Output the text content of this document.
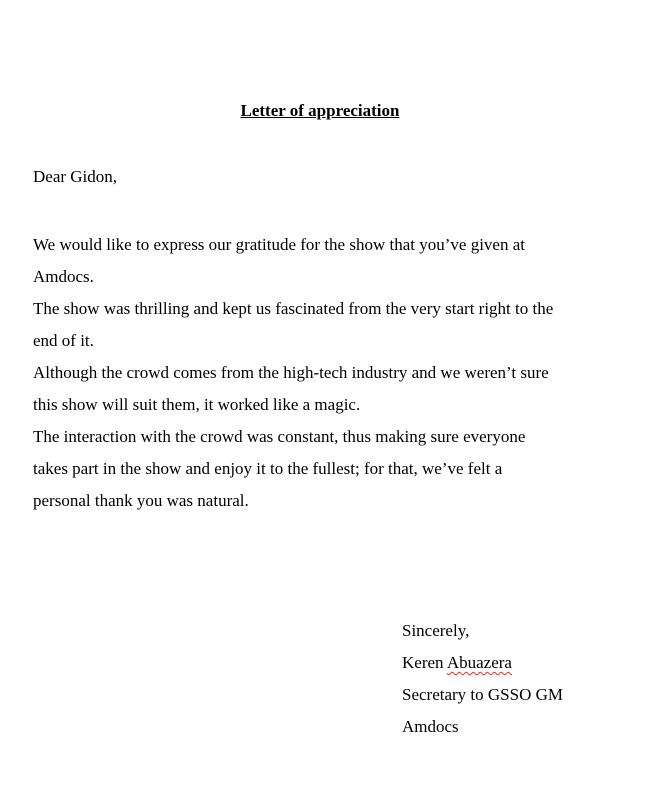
Letter of appreciation
Dear Gidon,

We would like to express our gratitude for the show that you’ve given at
Amdocs.

The show was thrilling and kept us fascinated from the very start right to the
end of it.

Although the crowd comes from the high-tech industry and we weren’t sure
this show will suit them, it worked like a magic.

The interaction with the crowd was constant, thus making sure everyone
takes part in the show and enjoy it to the fullest; for that, we’ve felt a
personal thank you was natural.

Sincerely,
Keren Abuazera
Secretary to GSSO GM
Amdocs
